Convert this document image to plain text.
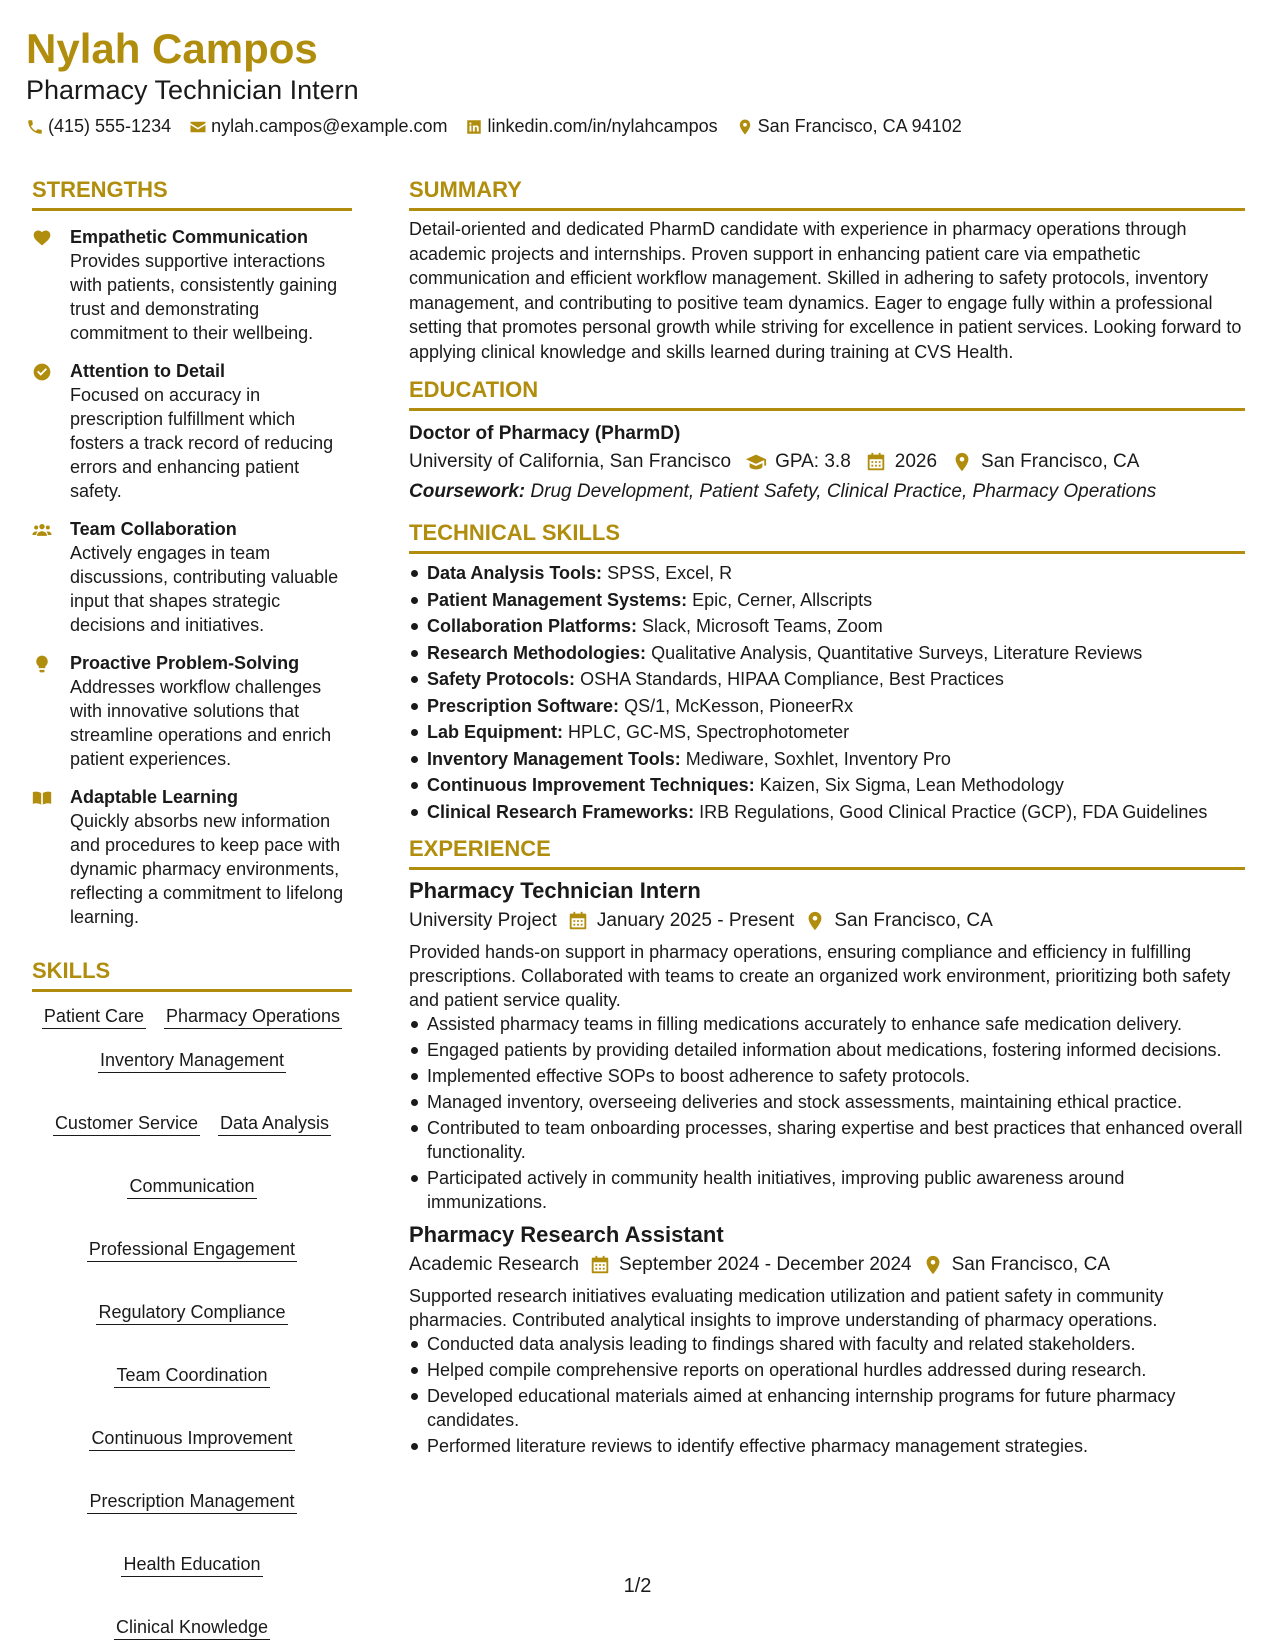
Nylah Campos
Pharmacy Technician Intern
(415) 555-1234 nylah.campos@example.com linkedin.com/in/nylahcampos San Francisco, CA 94102
STRENGTHS
Empathetic Communication
Provides supportive interactions with patients, consistently gaining trust and demonstrating commitment to their wellbeing.
Attention to Detail
Focused on accuracy in prescription fulfillment which fosters a track record of reducing errors and enhancing patient safety.
Team Collaboration
Actively engages in team discussions, contributing valuable input that shapes strategic decisions and initiatives.
Proactive Problem-Solving
Addresses workflow challenges with innovative solutions that streamline operations and enrich patient experiences.
Adaptable Learning
Quickly absorbs new information and procedures to keep pace with dynamic pharmacy environments, reflecting a commitment to lifelong learning.
SKILLS
Patient Care Pharmacy Operations
Inventory Management
Customer Service Data Analysis
Communication
Professional Engagement
Regulatory Compliance
Team Coordination
Continuous Improvement
Prescription Management
Health Education
Clinical Knowledge
SUMMARY
Detail-oriented and dedicated PharmD candidate with experience in pharmacy operations through academic projects and internships. Proven support in enhancing patient care via empathetic communication and efficient workflow management. Skilled in adhering to safety protocols, inventory management, and contributing to positive team dynamics. Eager to engage fully within a professional setting that promotes personal growth while striving for excellence in patient services. Looking forward to applying clinical knowledge and skills learned during training at CVS Health.
EDUCATION
Doctor of Pharmacy (PharmD)
University of California, San Francisco GPA: 3.8 2026 San Francisco, CA
Coursework: Drug Development, Patient Safety, Clinical Practice, Pharmacy Operations
TECHNICAL SKILLS
Data Analysis Tools: SPSS, Excel, R
Patient Management Systems: Epic, Cerner, Allscripts
Collaboration Platforms: Slack, Microsoft Teams, Zoom
Research Methodologies: Qualitative Analysis, Quantitative Surveys, Literature Reviews
Safety Protocols: OSHA Standards, HIPAA Compliance, Best Practices
Prescription Software: QS/1, McKesson, PioneerRx
Lab Equipment: HPLC, GC-MS, Spectrophotometer
Inventory Management Tools: Mediware, Soxhlet, Inventory Pro
Continuous Improvement Techniques: Kaizen, Six Sigma, Lean Methodology
Clinical Research Frameworks: IRB Regulations, Good Clinical Practice (GCP), FDA Guidelines
EXPERIENCE
Pharmacy Technician Intern
University Project January 2025 - Present San Francisco, CA
Provided hands-on support in pharmacy operations, ensuring compliance and efficiency in fulfilling prescriptions. Collaborated with teams to create an organized work environment, prioritizing both safety and patient service quality.
Assisted pharmacy teams in filling medications accurately to enhance safe medication delivery.
Engaged patients by providing detailed information about medications, fostering informed decisions.
Implemented effective SOPs to boost adherence to safety protocols.
Managed inventory, overseeing deliveries and stock assessments, maintaining ethical practice.
Contributed to team onboarding processes, sharing expertise and best practices that enhanced overall functionality.
Participated actively in community health initiatives, improving public awareness around immunizations.
Pharmacy Research Assistant
Academic Research September 2024 - December 2024 San Francisco, CA
Supported research initiatives evaluating medication utilization and patient safety in community pharmacies. Contributed analytical insights to improve understanding of pharmacy operations.
Conducted data analysis leading to findings shared with faculty and related stakeholders.
Helped compile comprehensive reports on operational hurdles addressed during research.
Developed educational materials aimed at enhancing internship programs for future pharmacy candidates.
Performed literature reviews to identify effective pharmacy management strategies.
1/2
